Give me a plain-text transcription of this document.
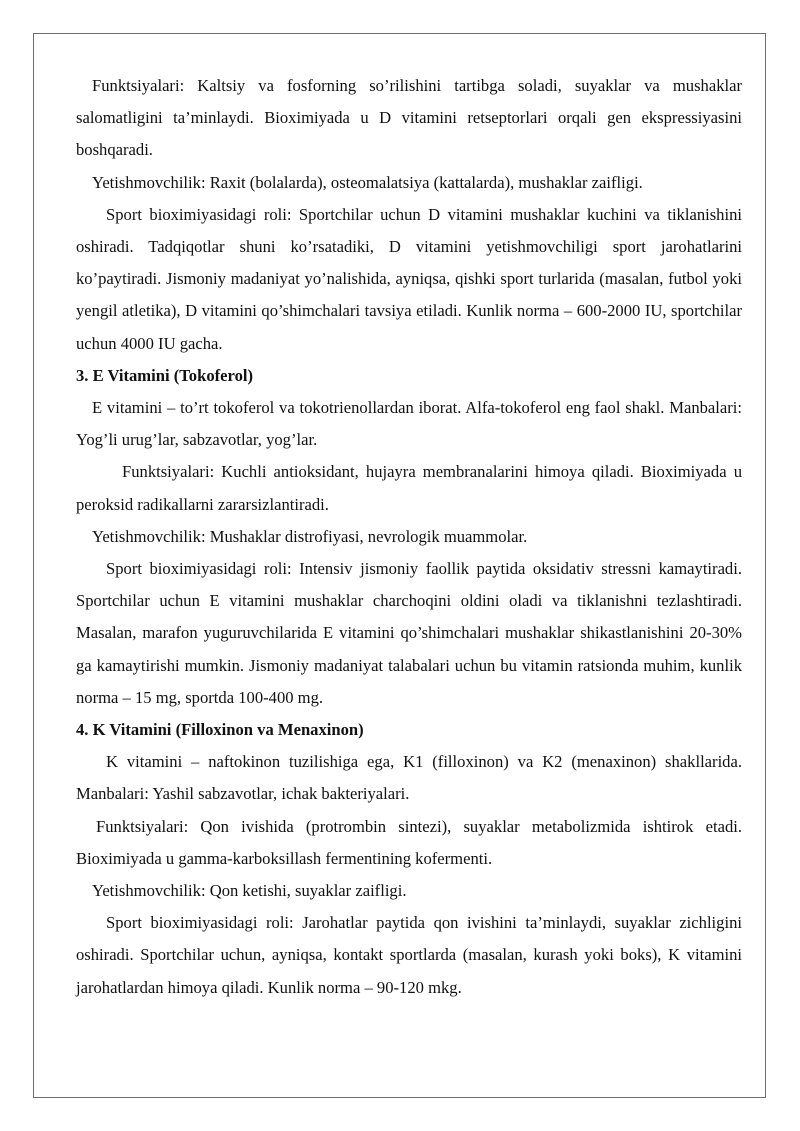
Funktsiyalari: Kaltsiy va fosforning so’rilishini tartibga soladi, suyaklar va mushaklar salomatligini ta’minlaydi. Bioximiyada u D vitamini retseptorlari orqali gen ekspressiyasini boshqaradi.

Yetishmovchilik: Raxit (bolalarda), osteomalatsiya (kattalarda), mushaklar zaifligi.

Sport bioximiyasidagi roli: Sportchilar uchun D vitamini mushaklar kuchini va tiklanishini oshiradi. Tadqiqotlar shuni ko’rsatadiki, D vitamini yetishmovchiligi sport jarohatlarini ko’paytiradi. Jismoniy madaniyat yo’nalishida, ayniqsa, qishki sport turlarida (masalan, futbol yoki yengil atletika), D vitamini qo’shimchalari tavsiya etiladi. Kunlik norma – 600-2000 IU, sportchilar uchun 4000 IU gacha.

3. E Vitamini (Tokoferol)

E vitamini – to’rt tokoferol va tokotrienollardan iborat. Alfa-tokoferol eng faol shakl. Manbalari: Yog’li urug’lar, sabzavotlar, yog’lar.

Funktsiyalari: Kuchli antioksidant, hujayra membranalarini himoya qiladi. Bioximiyada u peroksid radikallarni zararsizlantiradi.

Yetishmovchilik: Mushaklar distrofiyasi, nevrologik muammolar.

Sport bioximiyasidagi roli: Intensiv jismoniy faollik paytida oksidativ stressni kamaytiradi. Sportchilar uchun E vitamini mushaklar charchoqini oldini oladi va tiklanishni tezlashtiradi. Masalan, marafon yuguruvchilarida E vitamini qo’shimchalari mushaklar shikastlanishini 20-30% ga kamaytirishi mumkin. Jismoniy madaniyat talabalari uchun bu vitamin ratsionda muhim, kunlik norma – 15 mg, sportda 100-400 mg.

4. K Vitamini (Filloxinon va Menaxinon)

K vitamini – naftokinon tuzilishiga ega, K1 (filloxinon) va K2 (menaxinon) shakllarida. Manbalari: Yashil sabzavotlar, ichak bakteriyalari.

Funktsiyalari: Qon ivishida (protrombin sintezi), suyaklar metabolizmida ishtirok etadi. Bioximiyada u gamma-karboksillash fermentining kofermenti.

Yetishmovchilik: Qon ketishi, suyaklar zaifligi.

Sport bioximiyasidagi roli: Jarohatlar paytida qon ivishini ta’minlaydi, suyaklar zichligini oshiradi. Sportchilar uchun, ayniqsa, kontakt sportlarda (masalan, kurash yoki boks), K vitamini jarohatlardan himoya qiladi. Kunlik norma – 90-120 mkg.
